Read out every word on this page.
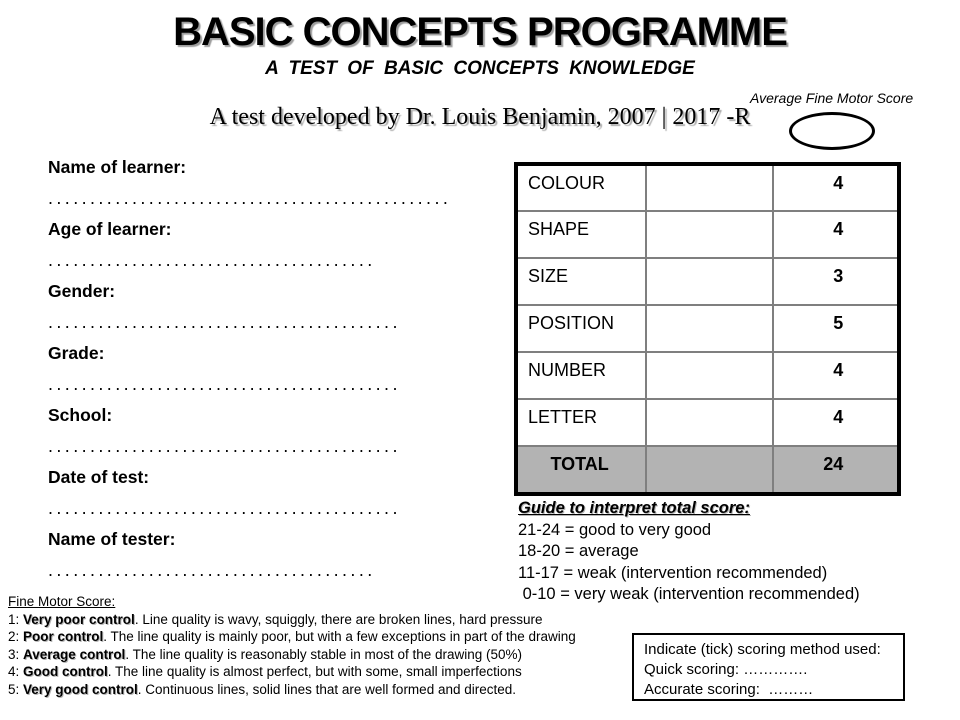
BASIC CONCEPTS PROGRAMME
A TEST OF BASIC CONCEPTS KNOWLEDGE
Average Fine Motor Score
A test developed by Dr. Louis Benjamin, 2007 | 2017 -R
Name of learner:
................................................
Age of learner:
.......................................
Gender:
..........................................
Grade:
..........................................
School:
..........................................
Date of test:
..........................................
Name of tester:
.......................................
COLOUR		4
SHAPE		4
SIZE		3
POSITION		5
NUMBER		4
LETTER		4
TOTAL		24
Guide to interpret total score:
21-24 = good to very good
18-20 = average
11-17 = weak (intervention recommended)
0-10 = very weak (intervention recommended)
Fine Motor Score:
1: Very poor control. Line quality is wavy, squiggly, there are broken lines, hard pressure
2: Poor control. The line quality is mainly poor, but with a few exceptions in part of the drawing
3: Average control. The line quality is reasonably stable in most of the drawing (50%)
4: Good control. The line quality is almost perfect, but with some, small imperfections
5: Very good control. Continuous lines, solid lines that are well formed and directed.
Indicate (tick) scoring method used:
Quick scoring: ………….
Accurate scoring:  ………
